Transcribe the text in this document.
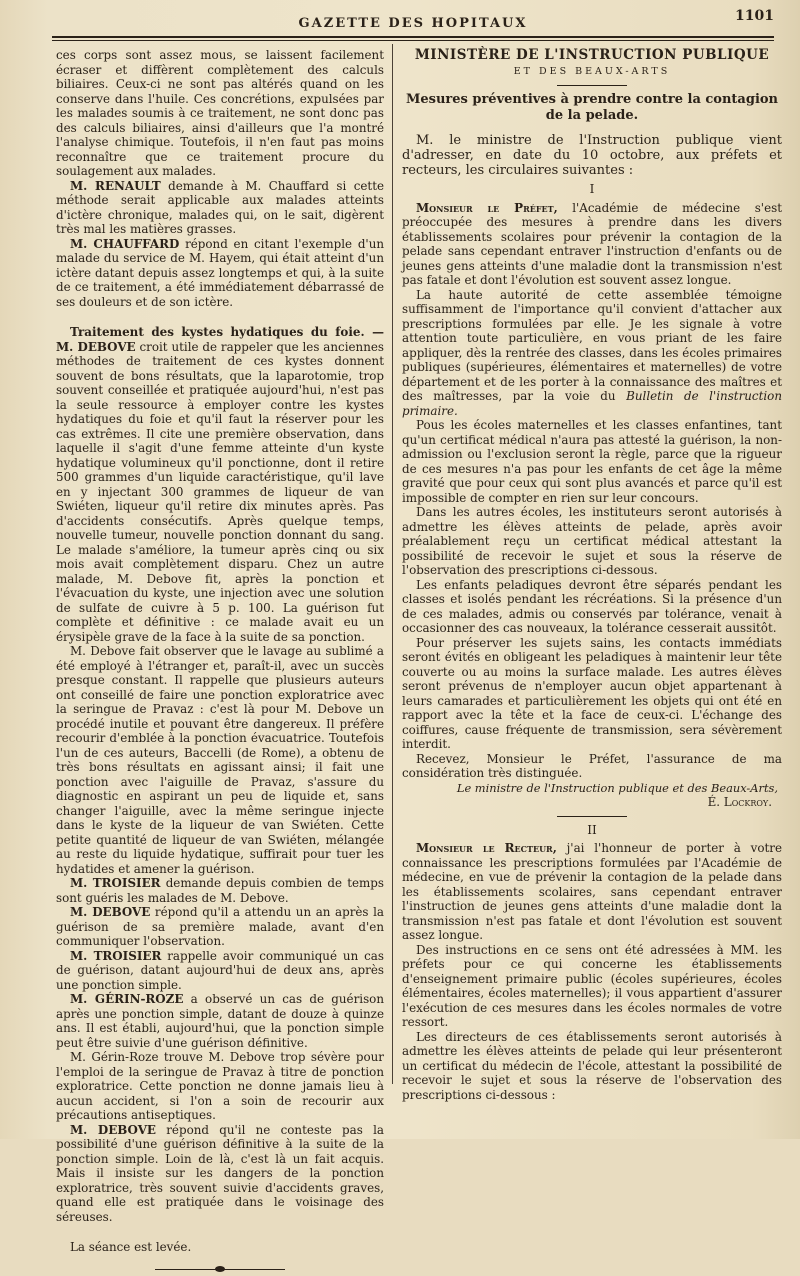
GAZETTE DES HOPITAUX	1101

ces corps sont assez mous, se laissent facilement écraser et diffèrent complètement des calculs biliaires. Ceux-ci ne sont pas altérés quand on les conserve dans l'huile. Ces concrétions, expulsées par les malades soumis à ce traitement, ne sont donc pas des calculs biliaires, ainsi d'ailleurs que l'a montré l'analyse chimique. Toutefois, il n'en faut pas moins reconnaître que ce traitement procure du soulagement aux malades.

M. RENAULT demande à M. Chauffard si cette méthode serait applicable aux malades atteints d'ictère chronique, malades qui, on le sait, digèrent très mal les matières grasses.

M. CHAUFFARD répond en citant l'exemple d'un malade du service de M. Hayem, qui était atteint d'un ictère datant depuis assez longtemps et qui, à la suite de ce traitement, a été immédiatement débarrassé de ses douleurs et de son ictère.

Traitement des kystes hydatiques du foie. — M. DEBOVE croit utile de rappeler que les anciennes méthodes de traitement de ces kystes donnent souvent de bons résultats, que la laparotomie, trop souvent conseillée et pratiquée aujourd'hui, n'est pas la seule ressource à employer contre les kystes hydatiques du foie et qu'il faut la réserver pour les cas extrêmes. Il cite une première observation, dans laquelle il s'agit d'une femme atteinte d'un kyste hydatique volumineux qu'il ponctionne, dont il retire 500 grammes d'un liquide caractéristique, qu'il lave en y injectant 300 grammes de liqueur de van Swiéten, liqueur qu'il retire dix minutes après. Pas d'accidents consécutifs. Après quelque temps, nouvelle tumeur, nouvelle ponction donnant du sang. Le malade s'améliore, la tumeur après cinq ou six mois avait complètement disparu. Chez un autre malade, M. Debove fit, après la ponction et l'évacuation du kyste, une injection avec une solution de sulfate de cuivre à 5 p. 100. La guérison fut complète et définitive : ce malade avait eu un érysipèle grave de la face à la suite de sa ponction.

M. Debove fait observer que le lavage au sublimé a été employé à l'étranger et, paraît-il, avec un succès presque constant. Il rappelle que plusieurs auteurs ont conseillé de faire une ponction exploratrice avec la seringue de Pravaz : c'est là pour M. Debove un procédé inutile et pouvant être dangereux. Il préfère recourir d'emblée à la ponction évacuatrice. Toutefois l'un de ces auteurs, Baccelli (de Rome), a obtenu de très bons résultats en agissant ainsi; il fait une ponction avec l'aiguille de Pravaz, s'assure du diagnostic en aspirant un peu de liquide et, sans changer l'aiguille, avec la même seringue injecte dans le kyste de la liqueur de van Swiéten. Cette petite quantité de liqueur de van Swiéten, mélangée au reste du liquide hydatique, suffirait pour tuer les hydatides et amener la guérison.

M. TROISIER demande depuis combien de temps sont guéris les malades de M. Debove.

M. DEBOVE répond qu'il a attendu un an après la guérison de sa première malade, avant d'en communiquer l'observation.

M. TROISIER rappelle avoir communiqué un cas de guérison, datant aujourd'hui de deux ans, après une ponction simple.

M. GÉRIN-ROZE a observé un cas de guérison après une ponction simple, datant de douze à quinze ans. Il est établi, aujourd'hui, que la ponction simple peut être suivie d'une guérison définitive.

M. Gérin-Roze trouve M. Debove trop sévère pour l'emploi de la seringue de Pravaz à titre de ponction exploratrice. Cette ponction ne donne jamais lieu à aucun accident, si l'on a soin de recourir aux précautions antiseptiques.

M. DEBOVE répond qu'il ne conteste pas la possibilité d'une guérison définitive à la suite de la ponction simple. Loin de là, c'est là un fait acquis. Mais il insiste sur les dangers de la ponction exploratrice, très souvent suivie d'accidents graves, quand elle est pratiquée dans le voisinage des séreuses.

La séance est levée.

MINISTÈRE DE L'INSTRUCTION PUBLIQUE
ET DES BEAUX-ARTS
Mesures préventives à prendre contre la contagion de la pelade.

M. le ministre de l'Instruction publique vient d'adresser, en date du 10 octobre, aux préfets et recteurs, les circulaires suivantes :

I

Monsieur le Préfet, l'Académie de médecine s'est préoccupée des mesures à prendre dans les divers établissements scolaires pour prévenir la contagion de la pelade sans cependant entraver l'instruction d'enfants ou de jeunes gens atteints d'une maladie dont la transmission n'est pas fatale et dont l'évolution est souvent assez longue.

La haute autorité de cette assemblée témoigne suffisamment de l'importance qu'il convient d'attacher aux prescriptions formulées par elle. Je les signale à votre attention toute particulière, en vous priant de les faire appliquer, dès la rentrée des classes, dans les écoles primaires publiques (supérieures, élémentaires et maternelles) de votre département et de les porter à la connaissance des maîtres et des maîtresses, par la voie du Bulletin de l'instruction primaire.

Pous les écoles maternelles et les classes enfantines, tant qu'un certificat médical n'aura pas attesté la guérison, la non-admission ou l'exclusion seront la règle, parce que la rigueur de ces mesures n'a pas pour les enfants de cet âge la même gravité que pour ceux qui sont plus avancés et parce qu'il est impossible de compter en rien sur leur concours.

Dans les autres écoles, les instituteurs seront autorisés à admettre les élèves atteints de pelade, après avoir préalablement reçu un certificat médical attestant la possibilité de recevoir le sujet et sous la réserve de l'observation des prescriptions ci-dessous.

Les enfants peladiques devront être séparés pendant les classes et isolés pendant les récréations. Si la présence d'un de ces malades, admis ou conservés par tolérance, venait à occasionner des cas nouveaux, la tolérance cesserait aussitôt.

Pour préserver les sujets sains, les contacts immédiats seront évités en obligeant les peladiques à maintenir leur tête couverte ou au moins la surface malade. Les autres élèves seront prévenus de n'employer aucun objet appartenant à leurs camarades et particulièrement les objets qui ont été en rapport avec la tête et la face de ceux-ci. L'échange des coiffures, cause fréquente de transmission, sera sévèrement interdit.

Recevez, Monsieur le Préfet, l'assurance de ma considération très distinguée.

Le ministre de l'Instruction publique et des Beaux-Arts,
É. Lockroy.
II

Monsieur le Recteur, j'ai l'honneur de porter à votre connaissance les prescriptions formulées par l'Académie de médecine, en vue de prévenir la contagion de la pelade dans les établissements scolaires, sans cependant entraver l'instruction de jeunes gens atteints d'une maladie dont la transmission n'est pas fatale et dont l'évolution est souvent assez longue.

Des instructions en ce sens ont été adressées à MM. les préfets pour ce qui concerne les établissements d'enseignement primaire public (écoles supérieures, écoles élémentaires, écoles maternelles); il vous appartient d'assurer l'exécution de ces mesures dans les écoles normales de votre ressort.

Les directeurs de ces établissements seront autorisés à admettre les élèves atteints de pelade qui leur présenteront un certificat du médecin de l'école, attestant la possibilité de recevoir le sujet et sous la réserve de l'observation des prescriptions ci-dessous :
